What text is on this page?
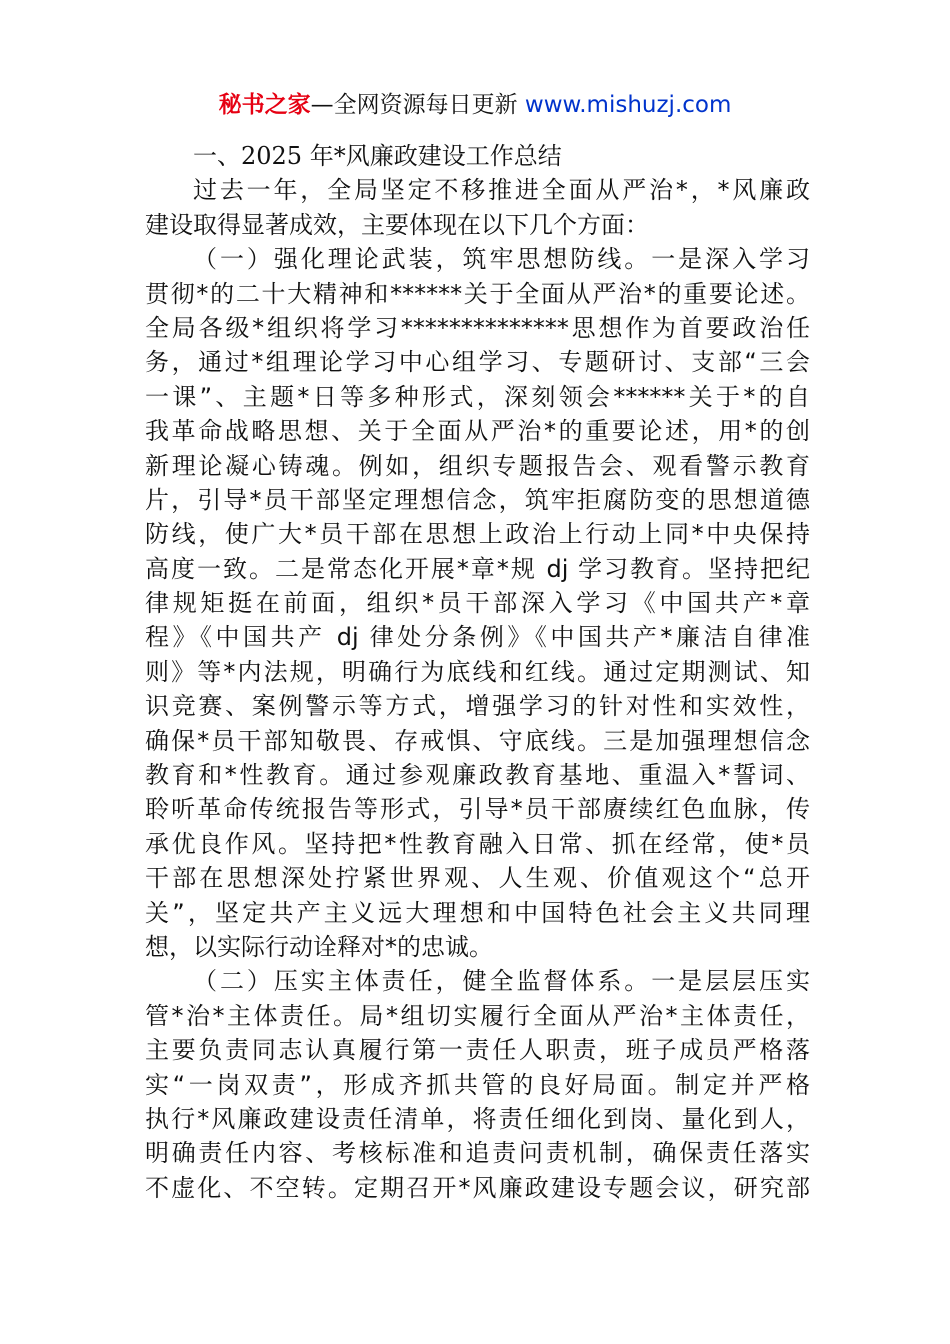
秘书之家—全网资源每日更新 www.mishuzj.com
一、2025 年*风廉政建设工作总结
过去一年，全局坚定不移推进全面从严治*，*风廉政
建设取得显著成效，主要体现在以下几个方面：
（一）强化理论武装，筑牢思想防线。一是深入学习
贯彻*的二十大精神和******关于全面从严治*的重要论述。
全局各级*组织将学习**************思想作为首要政治任
务，通过*组理论学习中心组学习、专题研讨、支部“三会
一课”、主题*日等多种形式，深刻领会******关于*的自
我革命战略思想、关于全面从严治*的重要论述，用*的创
新理论凝心铸魂。例如，组织专题报告会、观看警示教育
片，引导*员干部坚定理想信念，筑牢拒腐防变的思想道德
防线，使广大*员干部在思想上政治上行动上同*中央保持
高度一致。二是常态化开展*章*规 dj 学习教育。坚持把纪
律规矩挺在前面，组织*员干部深入学习《中国共产*章
程》《中国共产 dj 律处分条例》《中国共产*廉洁自律准
则》等*内法规，明确行为底线和红线。通过定期测试、知
识竞赛、案例警示等方式，增强学习的针对性和实效性，
确保*员干部知敬畏、存戒惧、守底线。三是加强理想信念
教育和*性教育。通过参观廉政教育基地、重温入*誓词、
聆听革命传统报告等形式，引导*员干部赓续红色血脉，传
承优良作风。坚持把*性教育融入日常、抓在经常，使*员
干部在思想深处拧紧世界观、人生观、价值观这个“总开
关”，坚定共产主义远大理想和中国特色社会主义共同理
想，以实际行动诠释对*的忠诚。
（二）压实主体责任，健全监督体系。一是层层压实
管*治*主体责任。局*组切实履行全面从严治*主体责任，
主要负责同志认真履行第一责任人职责，班子成员严格落
实“一岗双责”，形成齐抓共管的良好局面。制定并严格
执行*风廉政建设责任清单，将责任细化到岗、量化到人，
明确责任内容、考核标准和追责问责机制，确保责任落实
不虚化、不空转。定期召开*风廉政建设专题会议，研究部
